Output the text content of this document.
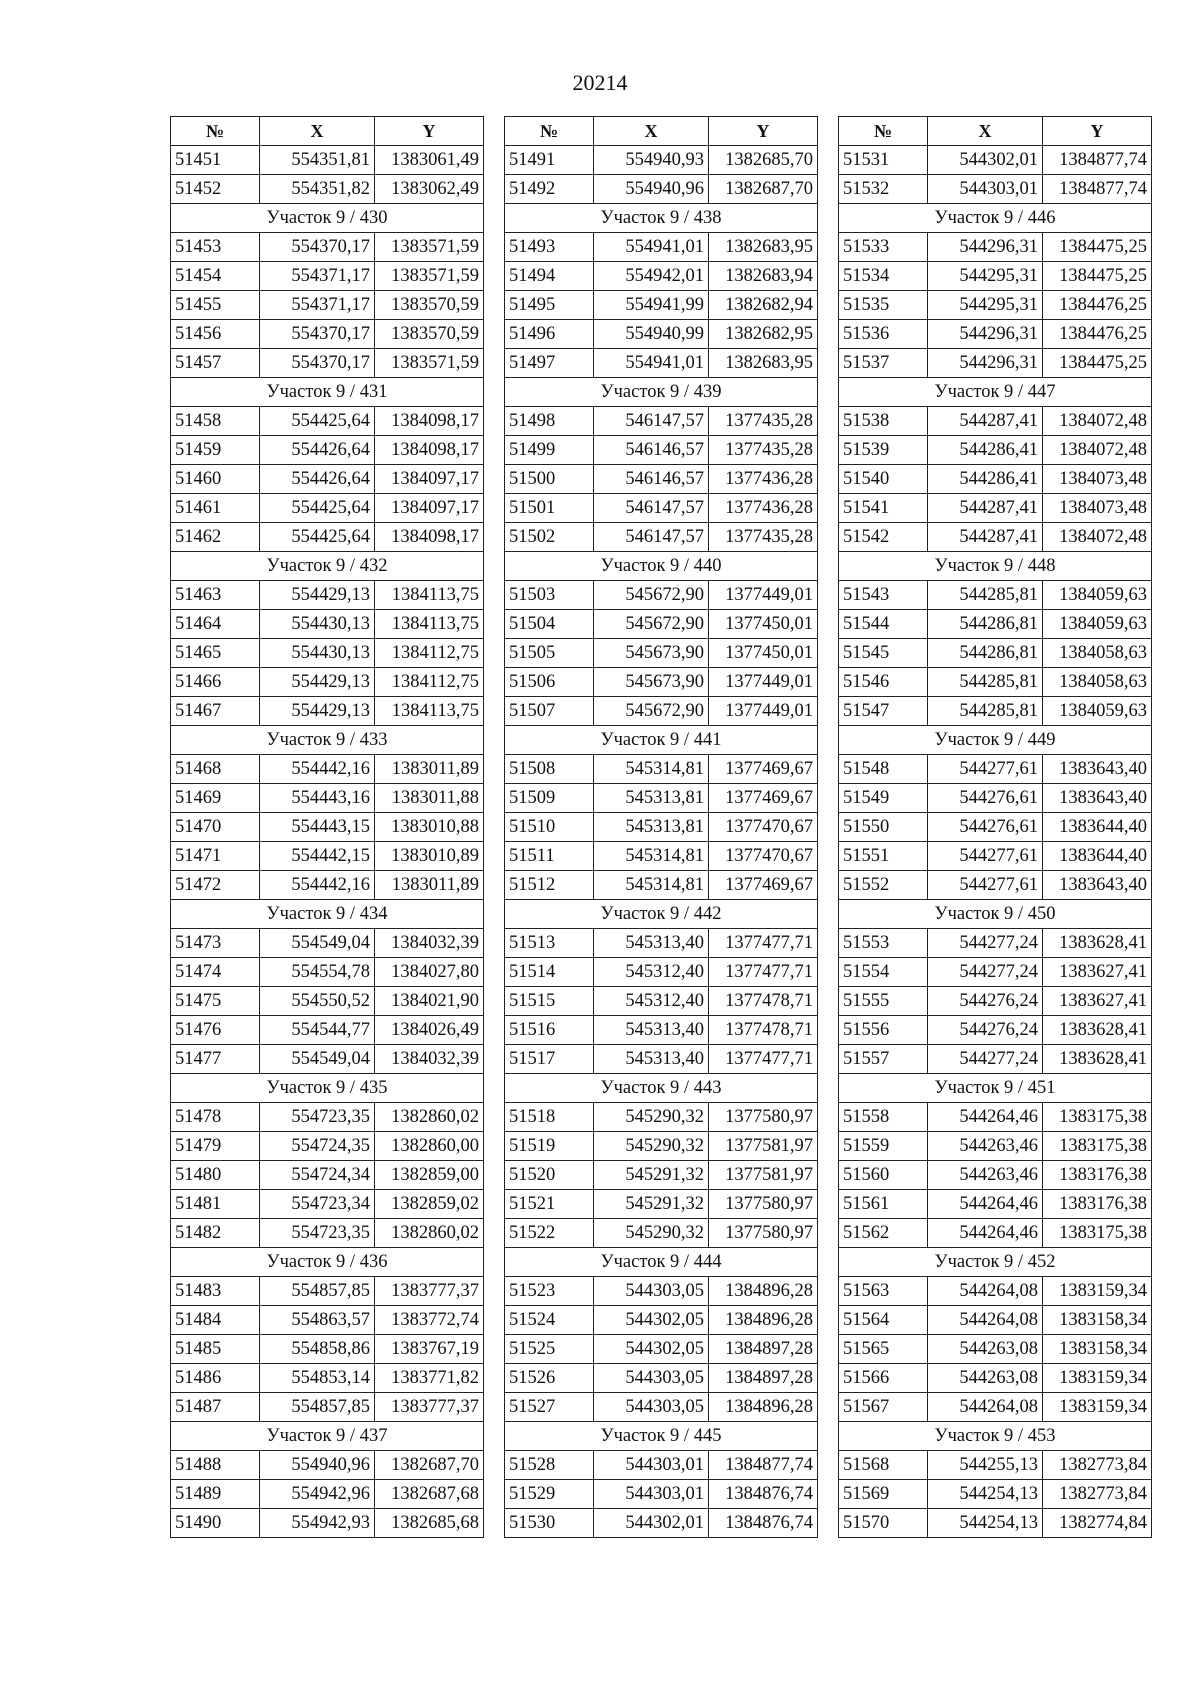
20214
№	X	Y
51451	554351,81	1383061,49
51452	554351,82	1383062,49
Участок 9 / 430		
51453	554370,17	1383571,59
51454	554371,17	1383571,59
51455	554371,17	1383570,59
51456	554370,17	1383570,59
51457	554370,17	1383571,59
Участок 9 / 431		
51458	554425,64	1384098,17
51459	554426,64	1384098,17
51460	554426,64	1384097,17
51461	554425,64	1384097,17
51462	554425,64	1384098,17
Участок 9 / 432		
51463	554429,13	1384113,75
51464	554430,13	1384113,75
51465	554430,13	1384112,75
51466	554429,13	1384112,75
51467	554429,13	1384113,75
Участок 9 / 433		
51468	554442,16	1383011,89
51469	554443,16	1383011,88
51470	554443,15	1383010,88
51471	554442,15	1383010,89
51472	554442,16	1383011,89
Участок 9 / 434		
51473	554549,04	1384032,39
51474	554554,78	1384027,80
51475	554550,52	1384021,90
51476	554544,77	1384026,49
51477	554549,04	1384032,39
Участок 9 / 435		
51478	554723,35	1382860,02
51479	554724,35	1382860,00
51480	554724,34	1382859,00
51481	554723,34	1382859,02
51482	554723,35	1382860,02
Участок 9 / 436		
51483	554857,85	1383777,37
51484	554863,57	1383772,74
51485	554858,86	1383767,19
51486	554853,14	1383771,82
51487	554857,85	1383777,37
Участок 9 / 437		
51488	554940,96	1382687,70
51489	554942,96	1382687,68
51490	554942,93	1382685,68
№	X	Y
51491	554940,93	1382685,70
51492	554940,96	1382687,70
Участок 9 / 438		
51493	554941,01	1382683,95
51494	554942,01	1382683,94
51495	554941,99	1382682,94
51496	554940,99	1382682,95
51497	554941,01	1382683,95
Участок 9 / 439		
51498	546147,57	1377435,28
51499	546146,57	1377435,28
51500	546146,57	1377436,28
51501	546147,57	1377436,28
51502	546147,57	1377435,28
Участок 9 / 440		
51503	545672,90	1377449,01
51504	545672,90	1377450,01
51505	545673,90	1377450,01
51506	545673,90	1377449,01
51507	545672,90	1377449,01
Участок 9 / 441		
51508	545314,81	1377469,67
51509	545313,81	1377469,67
51510	545313,81	1377470,67
51511	545314,81	1377470,67
51512	545314,81	1377469,67
Участок 9 / 442		
51513	545313,40	1377477,71
51514	545312,40	1377477,71
51515	545312,40	1377478,71
51516	545313,40	1377478,71
51517	545313,40	1377477,71
Участок 9 / 443		
51518	545290,32	1377580,97
51519	545290,32	1377581,97
51520	545291,32	1377581,97
51521	545291,32	1377580,97
51522	545290,32	1377580,97
Участок 9 / 444		
51523	544303,05	1384896,28
51524	544302,05	1384896,28
51525	544302,05	1384897,28
51526	544303,05	1384897,28
51527	544303,05	1384896,28
Участок 9 / 445		
51528	544303,01	1384877,74
51529	544303,01	1384876,74
51530	544302,01	1384876,74
№	X	Y
51531	544302,01	1384877,74
51532	544303,01	1384877,74
Участок 9 / 446		
51533	544296,31	1384475,25
51534	544295,31	1384475,25
51535	544295,31	1384476,25
51536	544296,31	1384476,25
51537	544296,31	1384475,25
Участок 9 / 447		
51538	544287,41	1384072,48
51539	544286,41	1384072,48
51540	544286,41	1384073,48
51541	544287,41	1384073,48
51542	544287,41	1384072,48
Участок 9 / 448		
51543	544285,81	1384059,63
51544	544286,81	1384059,63
51545	544286,81	1384058,63
51546	544285,81	1384058,63
51547	544285,81	1384059,63
Участок 9 / 449		
51548	544277,61	1383643,40
51549	544276,61	1383643,40
51550	544276,61	1383644,40
51551	544277,61	1383644,40
51552	544277,61	1383643,40
Участок 9 / 450		
51553	544277,24	1383628,41
51554	544277,24	1383627,41
51555	544276,24	1383627,41
51556	544276,24	1383628,41
51557	544277,24	1383628,41
Участок 9 / 451		
51558	544264,46	1383175,38
51559	544263,46	1383175,38
51560	544263,46	1383176,38
51561	544264,46	1383176,38
51562	544264,46	1383175,38
Участок 9 / 452		
51563	544264,08	1383159,34
51564	544264,08	1383158,34
51565	544263,08	1383158,34
51566	544263,08	1383159,34
51567	544264,08	1383159,34
Участок 9 / 453		
51568	544255,13	1382773,84
51569	544254,13	1382773,84
51570	544254,13	1382774,84
